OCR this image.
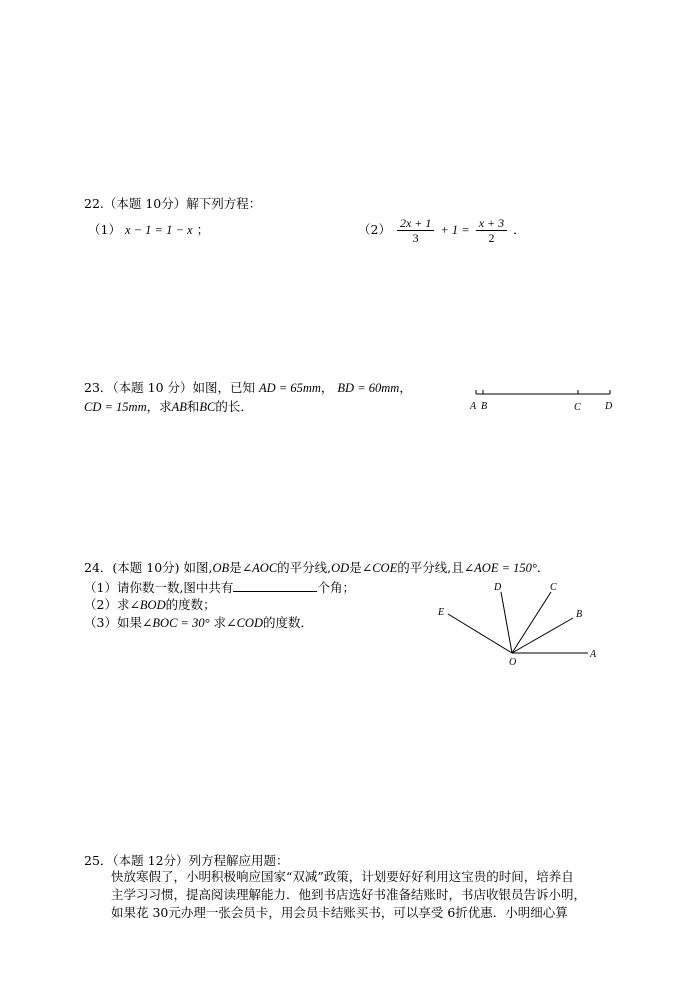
22.（本题 10分）解下列方程：
（1） x − 1 = 1 − x ；	$(2) \frac{2x + 1}{3} + 1 = \frac{x + 3}{2}$ ．
23．（本题 10 分）如图，已知 AD = 65mm， BD = 60mm，
CD = 15mm，求AB和BC的长．	A B	C D
24．(本题 10分) 如图,OB是∠AOC的平分线,OD是∠COE的平分线,且∠AOE = 150°．
（1）请你数一数,图中共有	个角；
（2）求∠BOD的度数；
（3）如果∠BOC = 30° 求∠COD的度数．
O
A
B
C
D
E
25．（本题 12分）列方程解应用题：
快放寒假了，小明积极响应国家“双减”政策，计划要好好利用这宝贵的时间，培养自
主学习习惯，提高阅读理解能力．他到书店选好书准备结账时，书店收银员告诉小明，
如果花 30元办理一张会员卡，用会员卡结账买书，可以享受 6折优惠．小明细心算
